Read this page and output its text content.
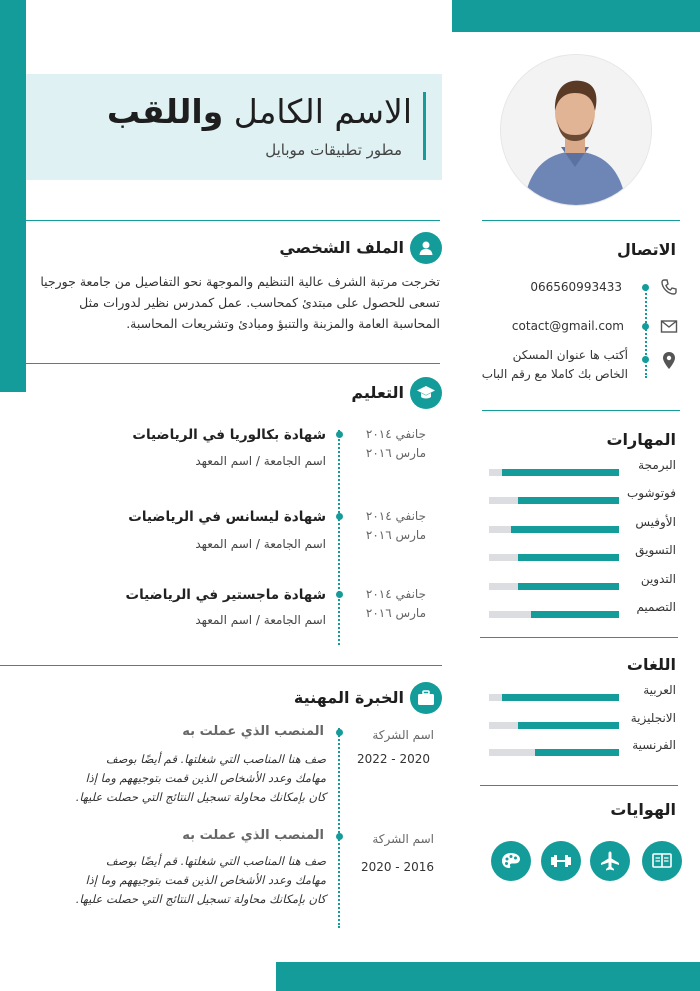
الاسم الكامل واللقب
مطور تطبيقات موبايل
الملف الشخصي
تخرجت مرتبة الشرف عالية التنظيم والموجهة نحو التفاصيل من جامعة جورجيا تسعى للحصول على مبتدئ كمحاسب. عمل كمدرس نظير لدورات مثل المحاسبة العامة والمزبنة والتنبؤ ومبادئ وتشريعات المحاسبة.
التعليم
شهادة بكالوريا في الرياضيات
اسم الجامعة / اسم المعهد
جانفي ٢٠١٤
مارس ٢٠١٦
شهادة ليسانس في الرياضيات
اسم الجامعة / اسم المعهد
جانفي ٢٠١٤
مارس ٢٠١٦
شهادة ماجستير في الرياضيات
اسم الجامعة / اسم المعهد
جانفي ٢٠١٤
مارس ٢٠١٦
الخبرة المهنية
المنصب الذي عملت به	اسم الشركة
2020 - 2022
صف هنا المناصب التي شغلتها. قم أيضًا بوصف مهامك وعدد الأشخاص الذين قمت بتوجيههم وما إذا كان بإمكانك محاولة تسجيل النتائج التي حصلت عليها.
المنصب الذي عملت به	اسم الشركة
2016 - 2020
صف هنا المناصب التي شغلتها. قم أيضًا بوصف مهامك وعدد الأشخاص الذين قمت بتوجيههم وما إذا كان بإمكانك محاولة تسجيل النتائج التي حصلت عليها.
الاتصال
066560993433
cotact@gmail.com
أكتب ها عنوان المسكن
الخاص بك كاملا مع رقم الباب
المهارات
البرمجة
فوتوشوب
الأوفيس
التسويق
التدوين
التصميم
اللغات
العربية
الانجليزية
الفرنسية
الهوايات
